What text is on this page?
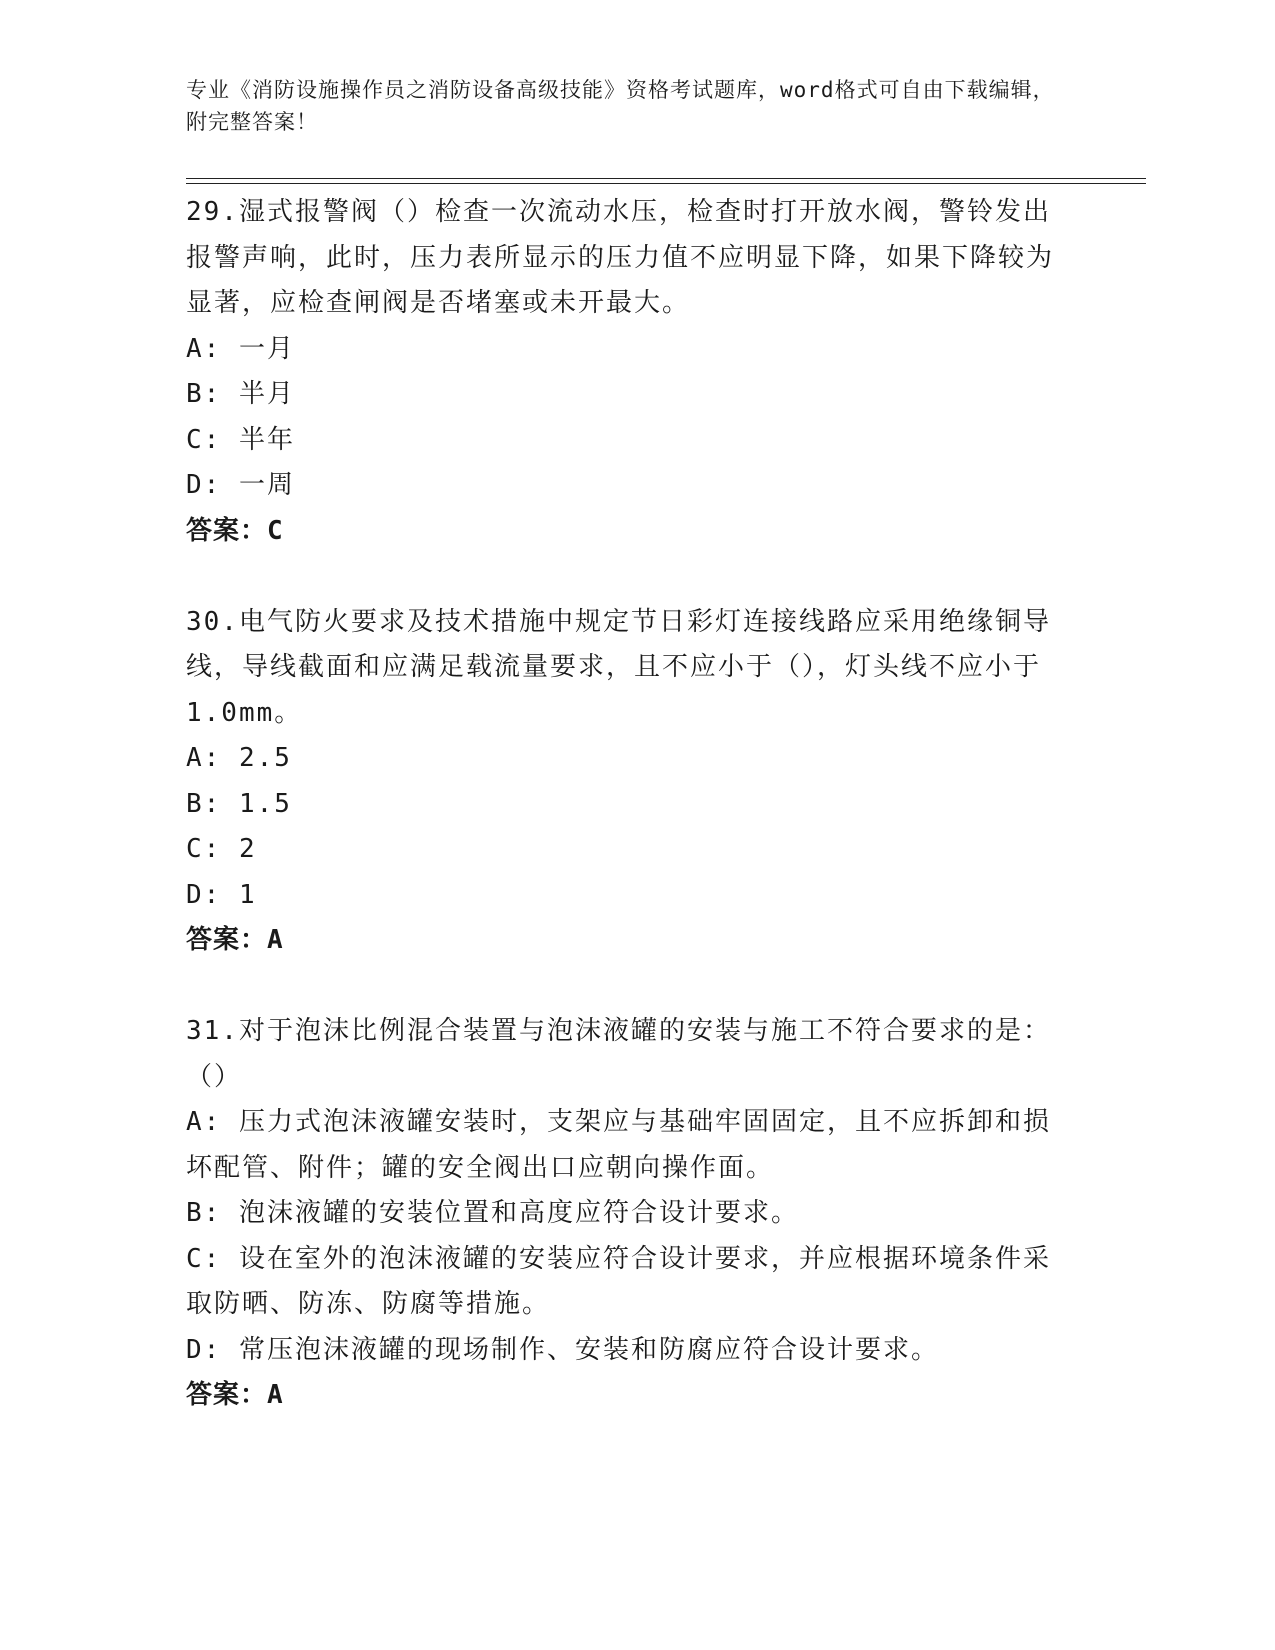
专业《消防设施操作员之消防设备高级技能》资格考试题库，word格式可自由下载编辑，附完整答案！

29.湿式报警阀（）检查一次流动水压，检查时打开放水阀，警铃发出报警声响，此时，压力表所显示的压力值不应明显下降，如果下降较为显著，应检查闸阀是否堵塞或未开最大。

A: 一月

B: 半月

C: 半年

D: 一周

答案：C

30.电气防火要求及技术措施中规定节日彩灯连接线路应采用绝缘铜导线，导线截面和应满足载流量要求，且不应小于（），灯头线不应小于1.0mm。

A: 2.5

B: 1.5

C: 2

D: 1

答案：A

31.对于泡沫比例混合装置与泡沫液罐的安装与施工不符合要求的是：（）

A: 压力式泡沫液罐安装时，支架应与基础牢固固定，且不应拆卸和损坏配管、附件；罐的安全阀出口应朝向操作面。

B: 泡沫液罐的安装位置和高度应符合设计要求。

C: 设在室外的泡沫液罐的安装应符合设计要求，并应根据环境条件采取防晒、防冻、防腐等措施。

D: 常压泡沫液罐的现场制作、安装和防腐应符合设计要求。

答案：A
